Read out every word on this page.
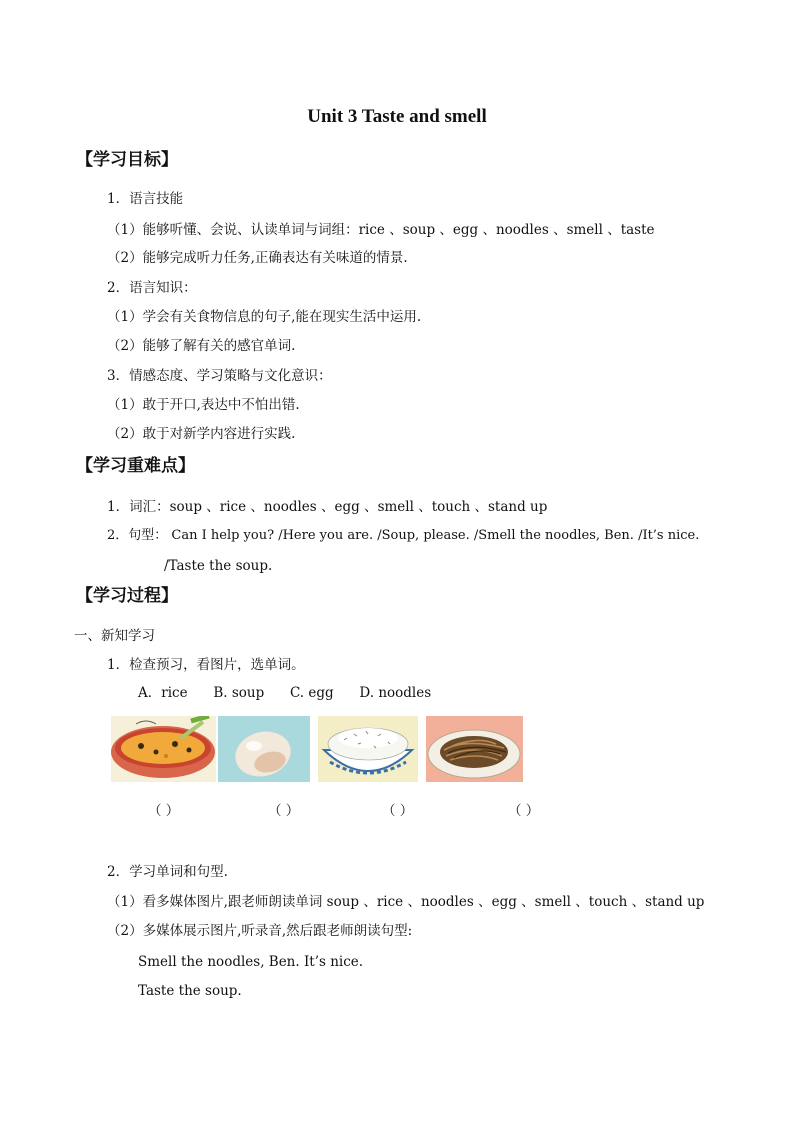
Unit 3 Taste and smell
【学习目标】
1．语言技能
（1）能够听懂、会说、认读单词与词组：rice 、soup 、egg 、noodles 、smell 、taste
（2）能够完成听力任务,正确表达有关味道的情景.
2．语言知识：
（1）学会有关食物信息的句子,能在现实生活中运用.
（2）能够了解有关的感官单词.
3．情感态度、学习策略与文化意识：
（1）敢于开口,表达中不怕出错.
（2）敢于对新学内容进行实践.
【学习重难点】
1．词汇：soup 、rice 、noodles 、egg 、smell 、touch 、stand up
2．句型： Can I help you? /Here you are. /Soup, please. /Smell the noodles, Ben. /It’s nice.
/Taste the soup.
【学习过程】
一、新知学习
1．检查预习，看图片，选单词。
A．rice      B. soup      C. egg      D. noodles
（ ）	（ ）	（ ）	（ ）
2．学习单词和句型.
（1）看多媒体图片,跟老师朗读单词 soup 、rice 、noodles 、egg 、smell 、touch 、stand up
（2）多媒体展示图片,听录音,然后跟老师朗读句型:
Smell the noodles, Ben. It’s nice.
Taste the soup.
